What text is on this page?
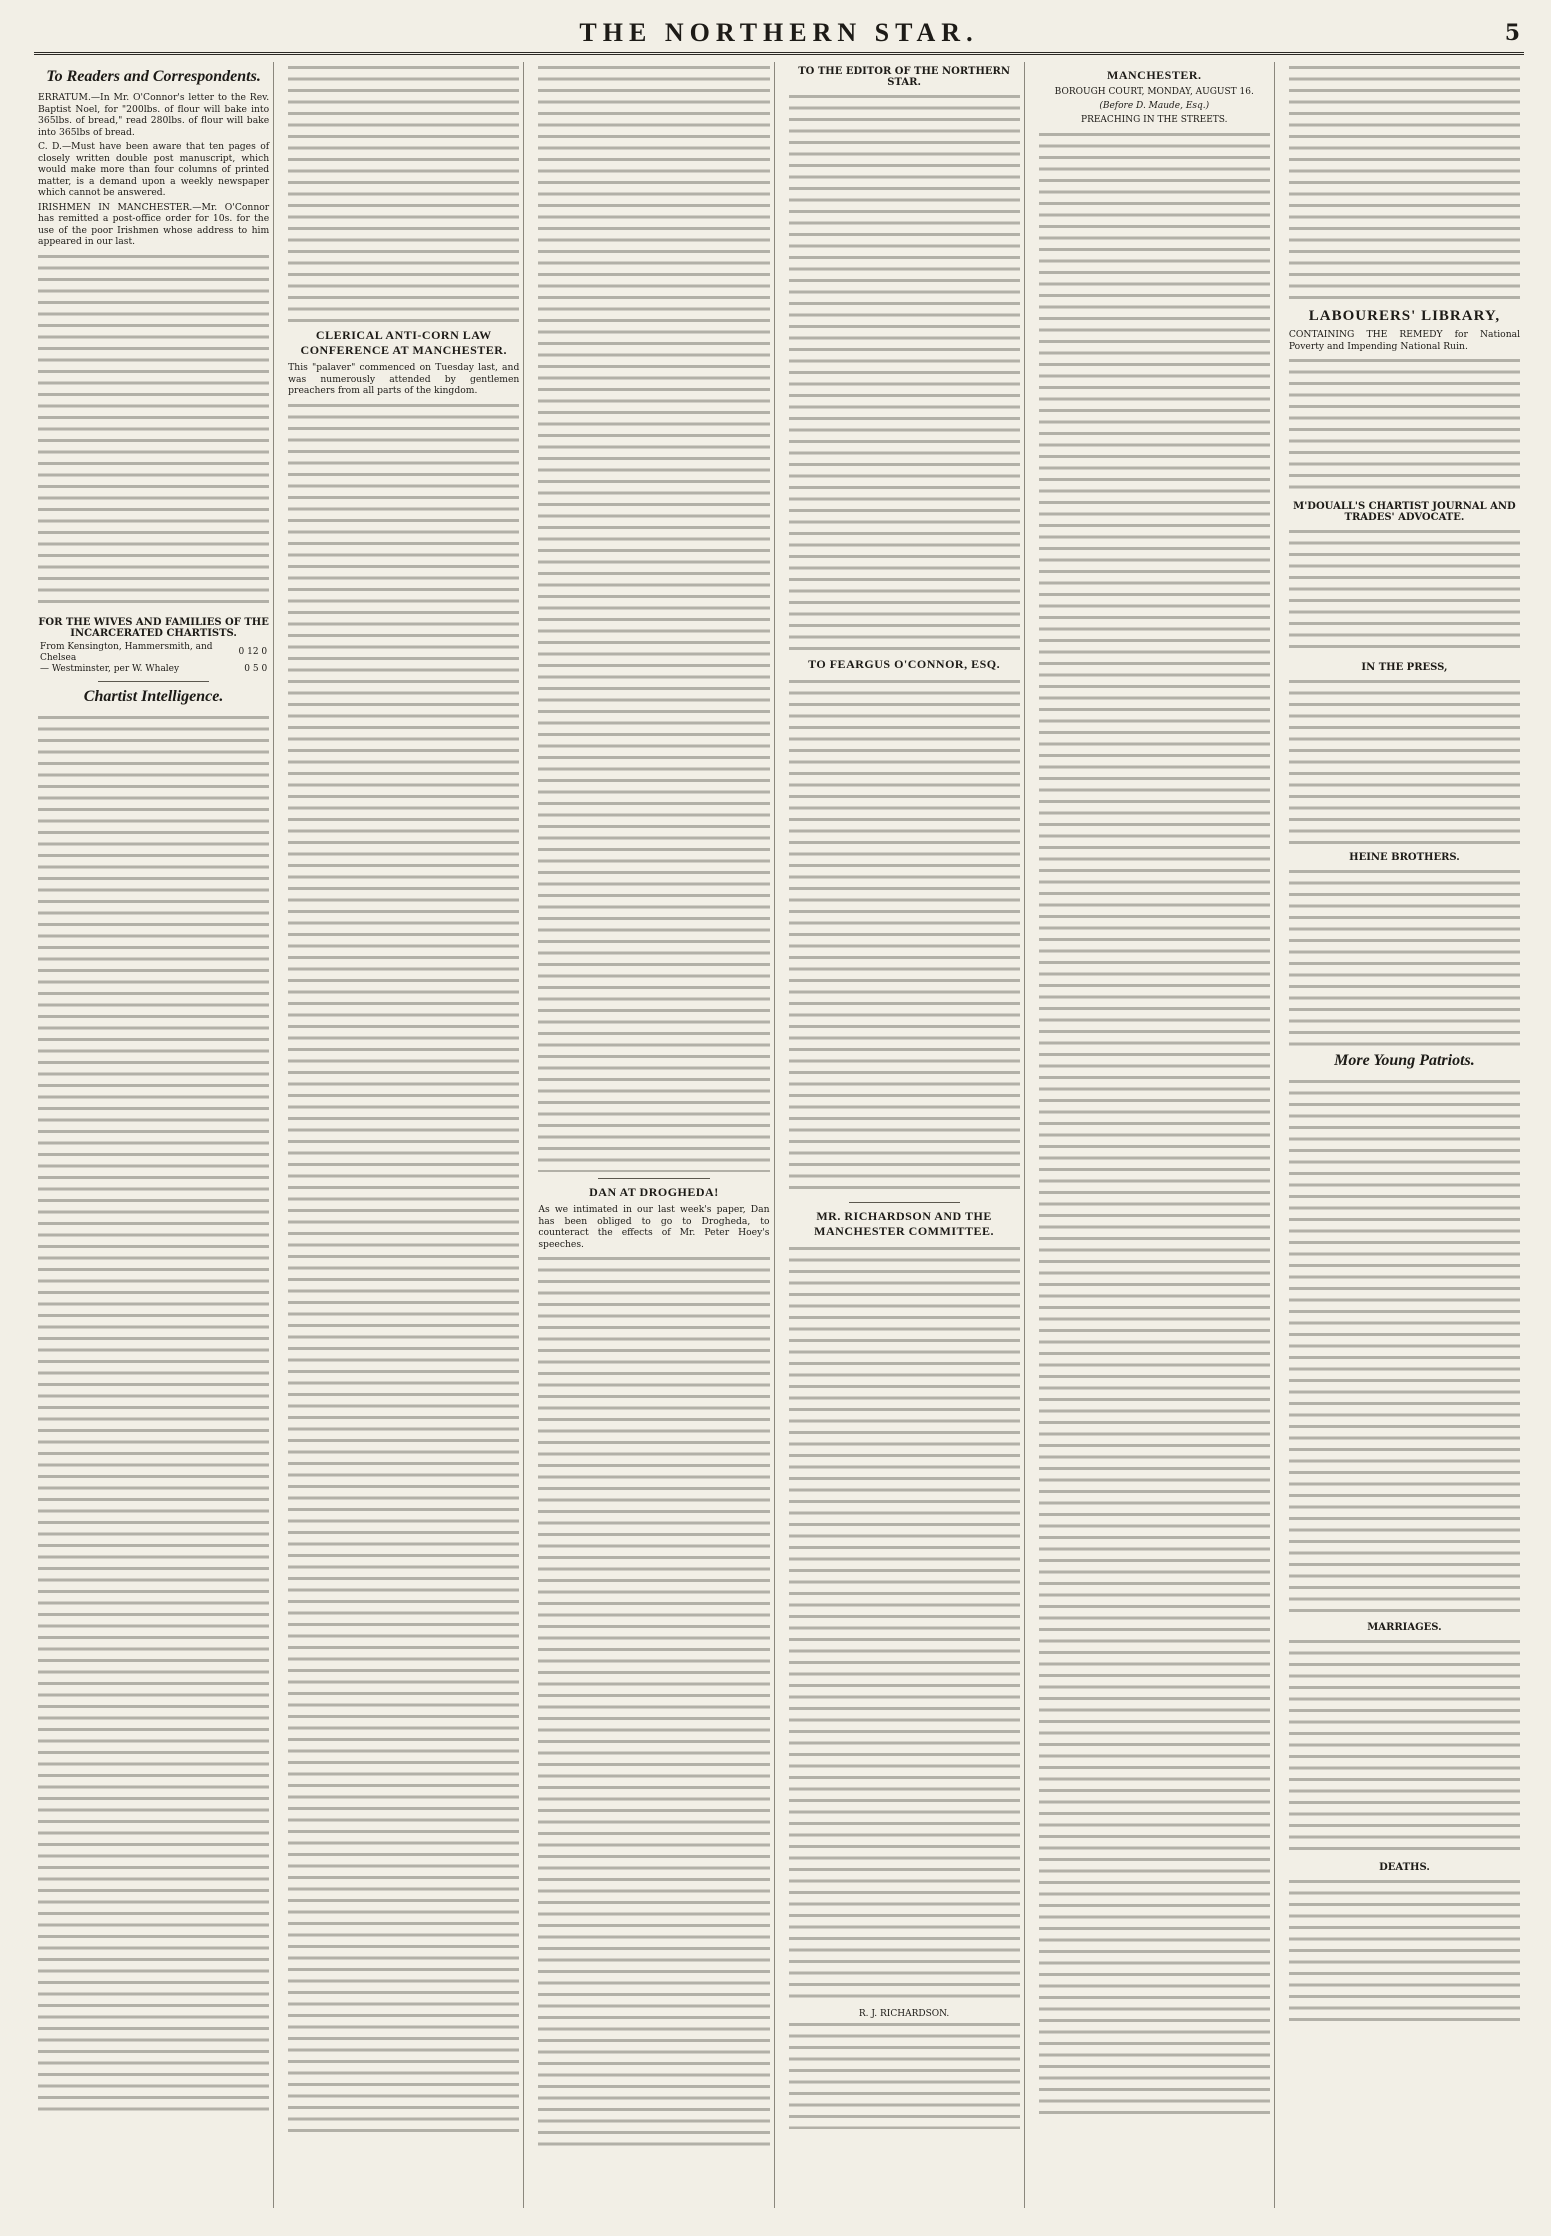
THE NORTHERN STAR.	5
To Readers and Correspondents.

ERRATUM.—In Mr. O'Connor's letter to the Rev. Baptist Noel, for "200lbs. of flour will bake into 365lbs. of bread," read 280lbs. of flour will bake into 365lbs of bread.

C. D.—Must have been aware that ten pages of closely written double post manuscript, which would make more than four columns of printed matter, is a demand upon a weekly newspaper which cannot be answered.

IRISHMEN IN MANCHESTER.—Mr. O'Connor has remitted a post-office order for 10s. for the use of the poor Irishmen whose address to him appeared in our last.

FOR THE WIVES AND FAMILIES OF THE INCARCERATED CHARTISTS.
From Kensington, Hammersmith, and Chelsea	0 12 0
— Westminster, per W. Whaley	0 5 0
Chartist Intelligence.
CLERICAL ANTI-CORN LAW CONFERENCE AT MANCHESTER.

This "palaver" commenced on Tuesday last, and was numerously attended by gentlemen preachers from all parts of the kingdom.

DAN AT DROGHEDA!

As we intimated in our last week's paper, Dan has been obliged to go to Drogheda, to counteract the effects of Mr. Peter Hoey's speeches.

TO THE EDITOR OF THE NORTHERN STAR.
TO FEARGUS O'CONNOR, ESQ.
MR. RICHARDSON AND THE MANCHESTER COMMITTEE.
R. J. RICHARDSON.
MANCHESTER.
BOROUGH COURT, MONDAY, AUGUST 16.
(Before D. Maude, Esq.)
PREACHING IN THE STREETS.
LABOURERS' LIBRARY,

CONTAINING THE REMEDY for National Poverty and Impending National Ruin.

M'DOUALL'S CHARTIST JOURNAL AND TRADES' ADVOCATE.
IN THE PRESS,
HEINE BROTHERS.
More Young Patriots.
MARRIAGES.
DEATHS.
